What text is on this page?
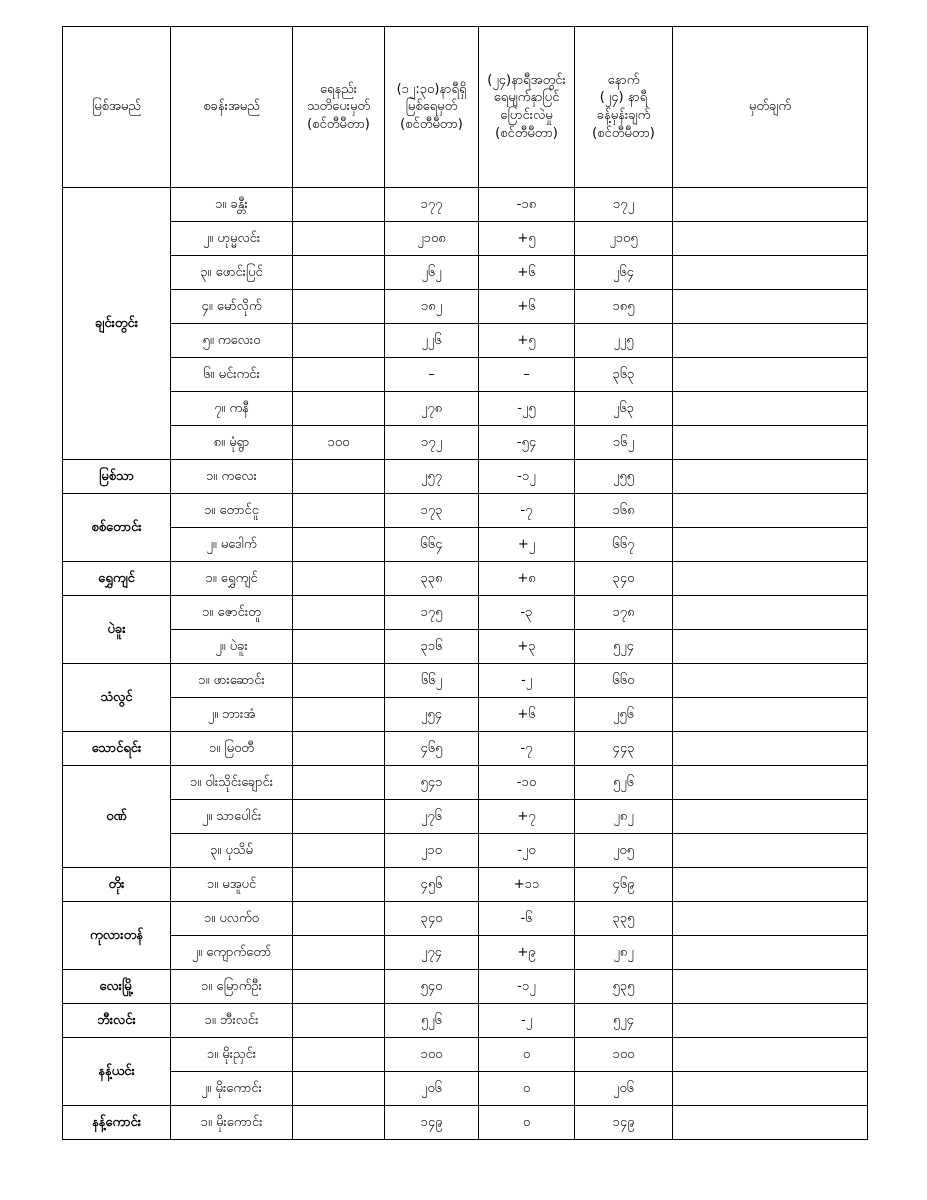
မြစ်အမည်	စခန်းအမည်	ရေနည်း
သတိပေးမှတ်
(စင်တီမီတာ)	(၁၂:၃၀)နာရီရှိ
မြစ်ရေမှတ်
(စင်တီမီတာ)	(၂၄)နာရီအတွင်း
ရေမျက်နှာပြင်
ပြောင်းလဲမှု
(စင်တီမီတာ)	နောက်
(၂၄) နာရီ
ခန့်မှန်းချက်
(စင်တီမီတာ)	မှတ်ချက်

ချင်းတွင်း	၁။ ခန္တီး		၁၇၇	-၁၈	၁၇၂	
	၂။ ဟုမ္မလင်း		၂၁၀၈	+၅	၂၁၀၅	
	၃။ ဖောင်းပြင်		၂၆၂	+၆	၂၆၄	
	၄။ မော်လိုက်		၁၈၂	+၆	၁၈၅	
	၅။ ကလေးဝ		၂၂၆	+၅	၂၂၅	
	၆။ မင်းကင်း		–	–	၃၆၃	
	၇။ ကနီ		၂၇၈	-၂၅	၂၆၃	
	၈။ မုံရွာ	၁၀၀	၁၇၂	-၅၄	၁၆၂	
မြစ်သာ	၁။ ကလေး		၂၅၇	-၁၂	၂၅၅	
စစ်တောင်း	၁။ တောင်ငူ		၁၇၃	-၇	၁၆၈	
	၂။ မဒေါက်		၆၆၄	+၂	၆၆၇	
ရွှေကျင်	၁။ ရွှေကျင်		၃၃၈	+၈	၃၄၀	
ပဲခူး	၁။ ဇောင်းတူ		၁၇၅	-၃	၁၇၈	
	၂။ ပဲခူး		၃၁၆	+၃	၅၂၄	
သံလွင်	၁။ ဖားဆောင်း		၆၆၂	-၂	၆၆၀	
	၂။ ဘားအံ		၂၅၄	+၆	၂၅၆	
သောင်ရင်း	၁။ မြဝတီ		၄၆၅	-၇	၄၄၃	
ဝဏ်	၁။ ဝါးသိုင်းချောင်း		၅၄၁	-၁၀	၅၂၆	
	၂။ သာပေါင်း		၂၇၆	+၇	၂၈၂	
	၃။ ပုသိမ်		၂၁၀	-၂၀	၂၀၅	
တိုး	၁။ မအူပင်		၄၅၆	+၁၁	၄၆၉	
ကုလားတန်	၁။ ပလက်ဝ		၃၄၀	-၆	၃၃၅	
	၂။ ကျောက်တော်		၂၇၄	+၉	၂၈၂	
လေးမြို့	၁။ မြောက်ဦး		၅၄၀	-၁၂	၅၃၅	
ဘီးလင်း	၁။ ဘီးလင်း		၅၂၆	-၂	၅၂၄	
နန့်ယင်း	၁။ မိုးညှင်း		၁၀၀	၀	၁၀၀	
	၂။ မိုးကောင်း		၂၀၆	၀	၂၀၆	
နန့်ကောင်း	၁။ မိုးကောင်း		၁၄၉	၀	၁၄၉	
